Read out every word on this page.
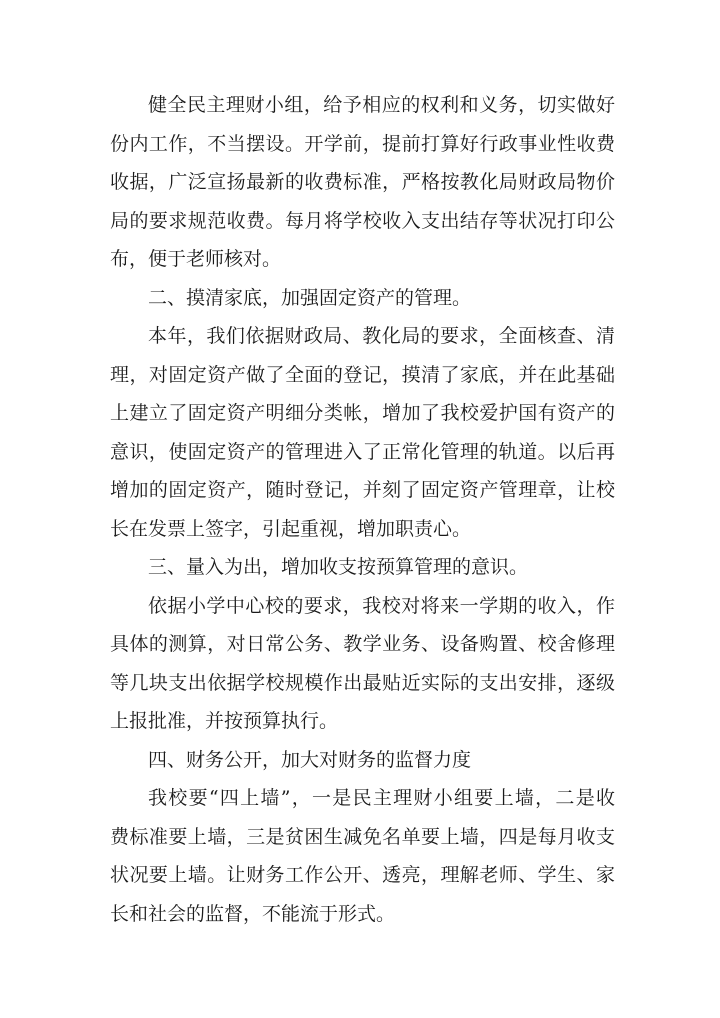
健全民主理财小组，给予相应的权利和义务，切实做好
份内工作，不当摆设。开学前，提前打算好行政事业性收费
收据，广泛宣扬最新的收费标准，严格按教化局财政局物价
局的要求规范收费。每月将学校收入支出结存等状况打印公
布，便于老师核对。
二、摸清家底，加强固定资产的管理。
本年，我们依据财政局、教化局的要求，全面核查、清
理，对固定资产做了全面的登记，摸清了家底，并在此基础
上建立了固定资产明细分类帐，增加了我校爱护国有资产的
意识，使固定资产的管理进入了正常化管理的轨道。以后再
增加的固定资产，随时登记，并刻了固定资产管理章，让校
长在发票上签字，引起重视，增加职责心。
三、量入为出，增加收支按预算管理的意识。
依据小学中心校的要求，我校对将来一学期的收入，作
具体的测算，对日常公务、教学业务、设备购置、校舍修理
等几块支出依据学校规模作出最贴近实际的支出安排，逐级
上报批准，并按预算执行。
四、财务公开，加大对财务的监督力度
我校要“四上墙”，一是民主理财小组要上墙，二是收
费标准要上墙，三是贫困生减免名单要上墙，四是每月收支
状况要上墙。让财务工作公开、透亮，理解老师、学生、家
长和社会的监督，不能流于形式。
